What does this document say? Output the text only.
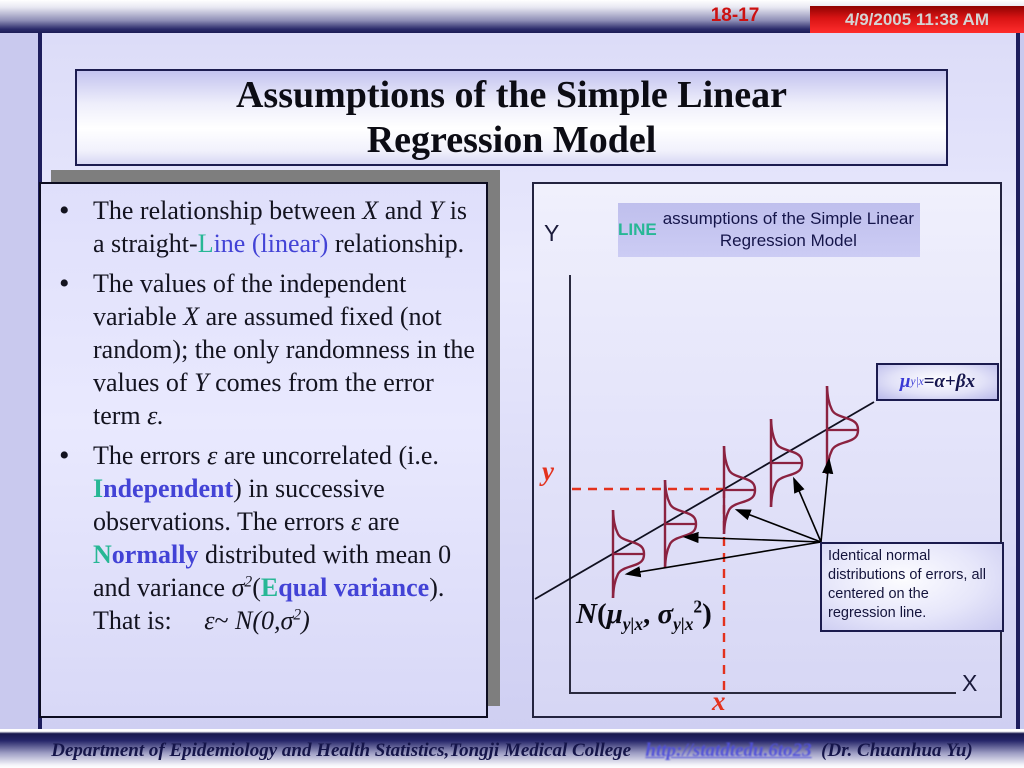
18-17	4/9/2005 11:38 AM
Assumptions of the Simple Linear Regression Model
• The relationship between X and Y is a straight-Line (linear) relationship.
• The values of the independent variable X are assumed fixed (not random); the only randomness in the values of Y comes from the error term ε.
• The errors ε are uncorrelated (i.e. Independent) in successive observations. The errors ε are Normally distributed with mean 0 and variance $\sigma^2(Equal$ variance). That is:   ε~ $N(0,\sigma^2)$
LINE
assumptions of the Simple Linear Regression Model
Y
X
y
x
$N(\mu_{y|x}$, $\sigma_{y|x}^2$)
μ y|x = α + β x
Identical normal distributions of errors, all centered on the regression line.
Department of Epidemiology and Health Statistics,Tongji Medical College http://statdtedu.6to23 (Dr. Chuanhua Yu)
